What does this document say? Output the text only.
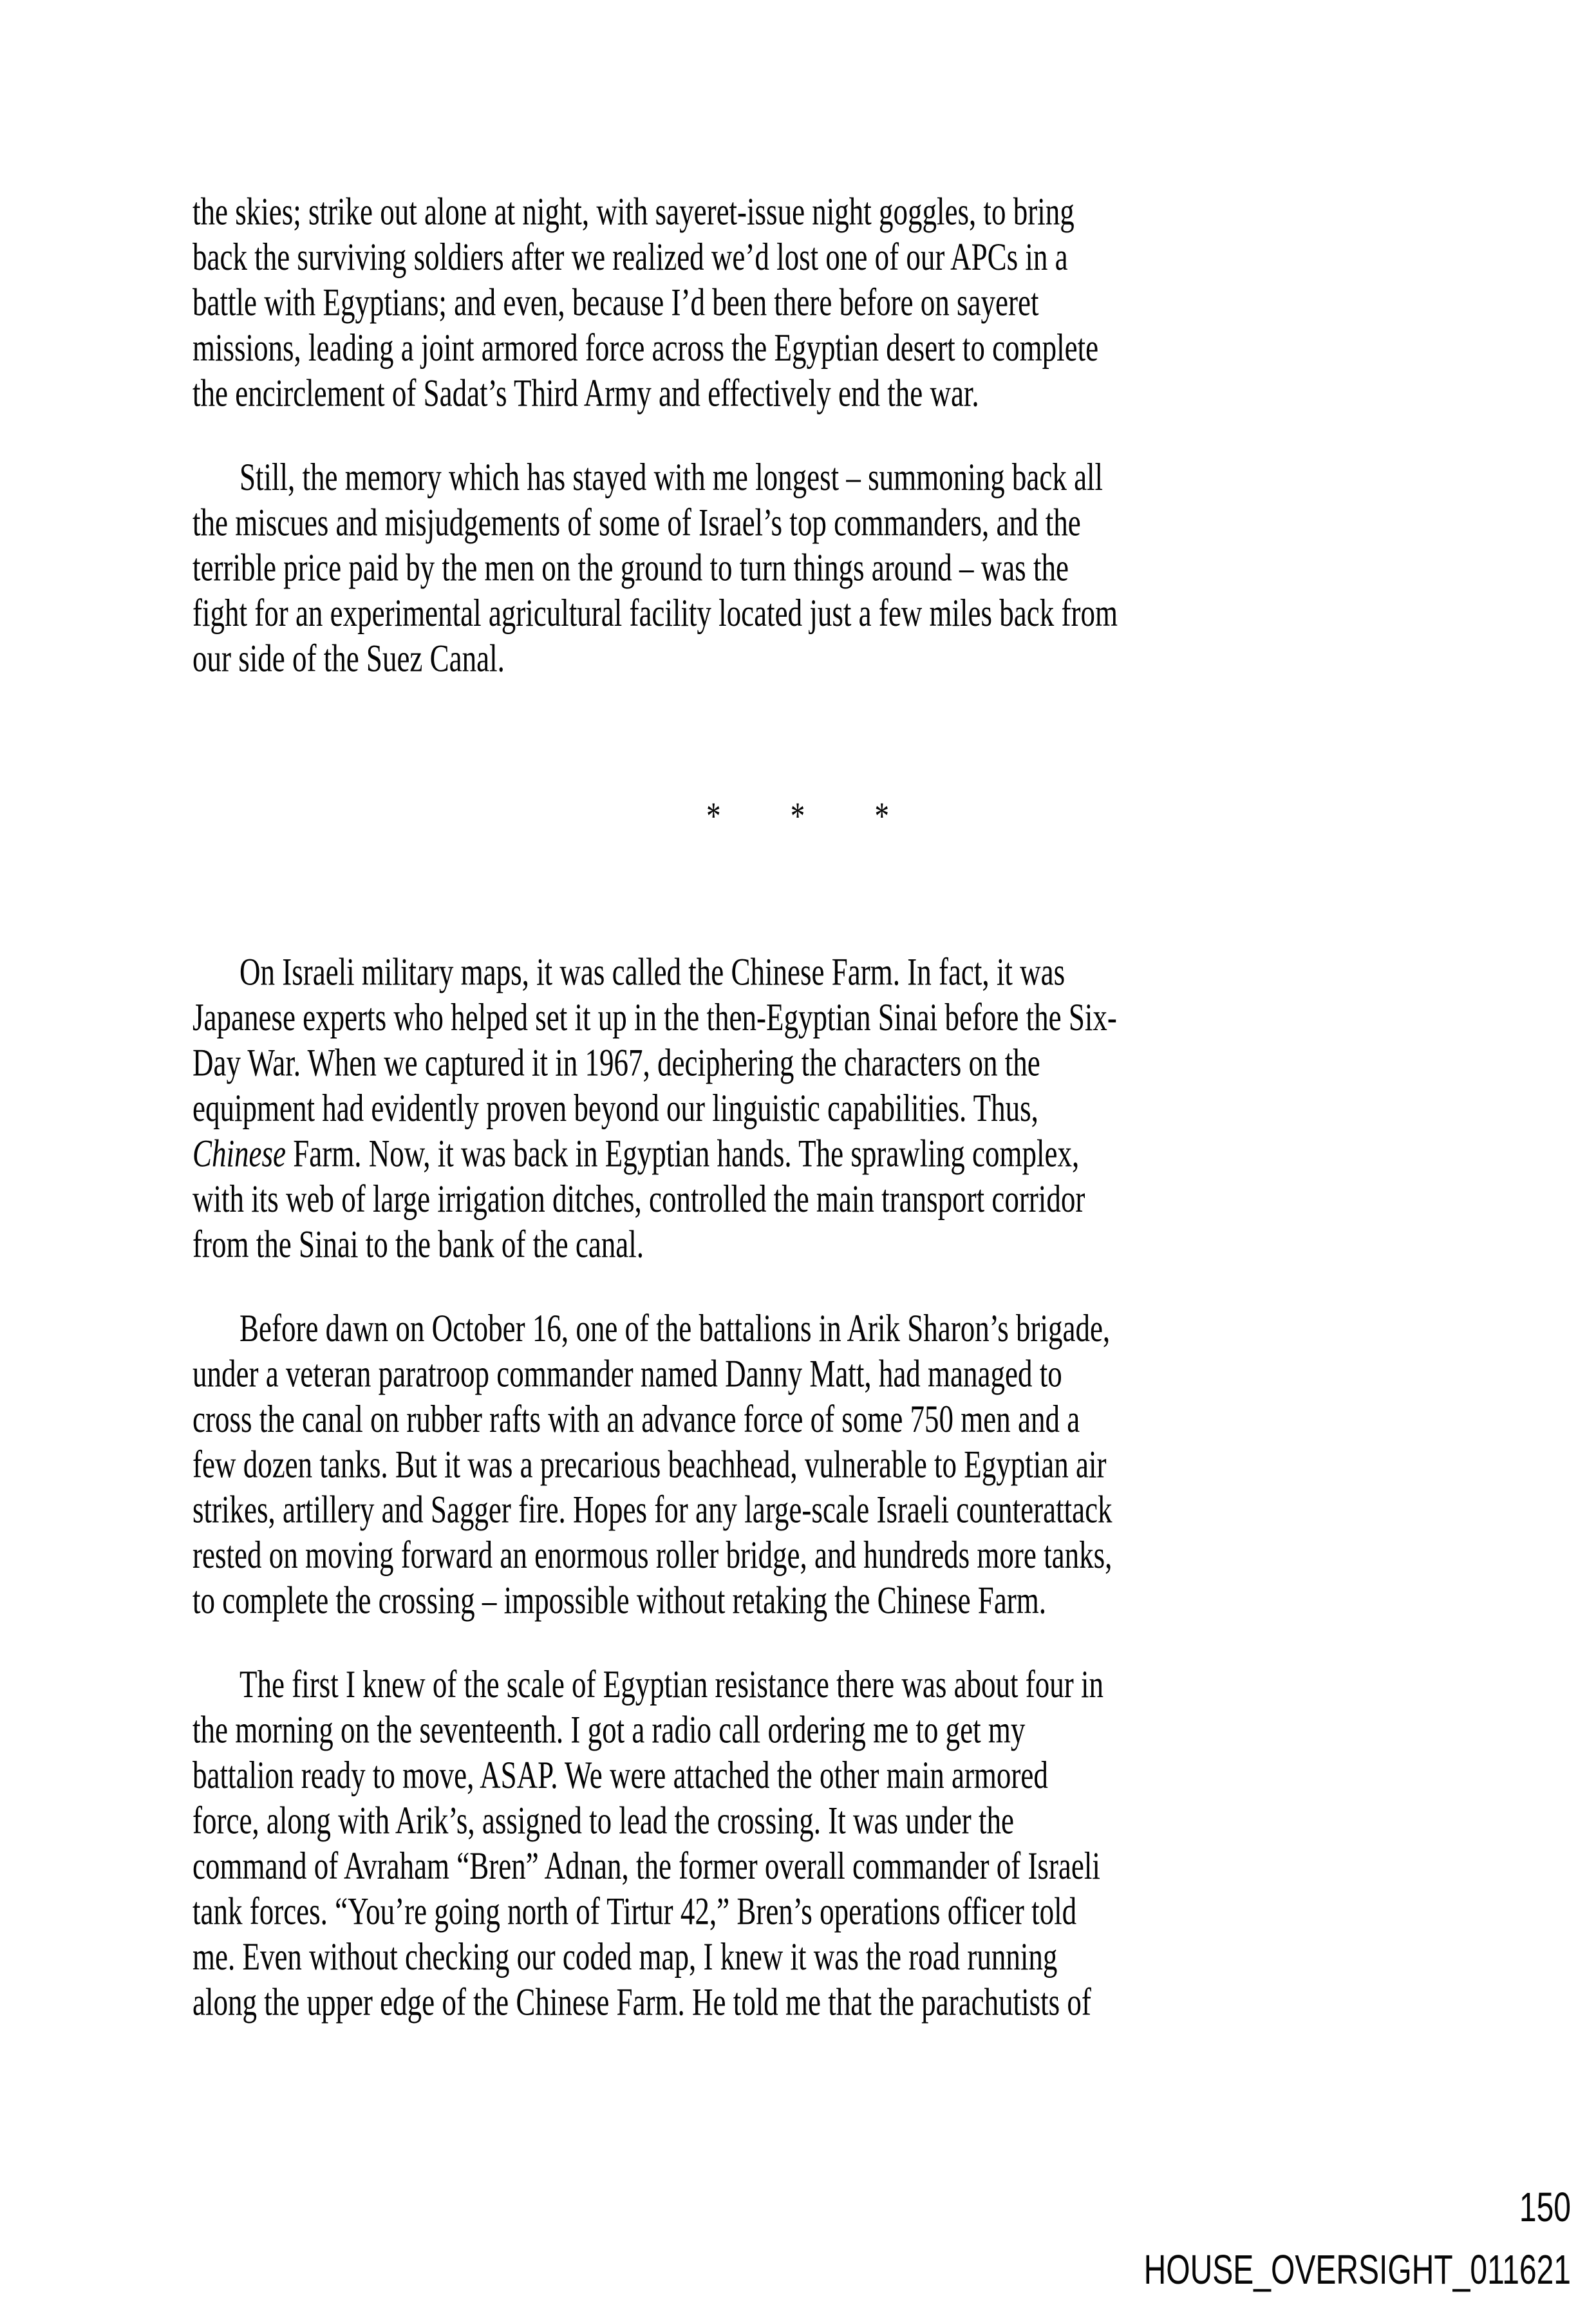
the skies; strike out alone at night, with sayeret-issue night goggles, to bring
back the surviving soldiers after we realized we’d lost one of our APCs in a
battle with Egyptians; and even, because I’d been there before on sayeret
missions, leading a joint armored force across the Egyptian desert to complete
the encirclement of Sadat’s Third Army and effectively end the war.
Still, the memory which has stayed with me longest – summoning back all
the miscues and misjudgements of some of Israel’s top commanders, and the
terrible price paid by the men on the ground to turn things around – was the
fight for an experimental agricultural facility located just a few miles back from
our side of the Suez Canal.
* * *
On Israeli military maps, it was called the Chinese Farm. In fact, it was
Japanese experts who helped set it up in the then-Egyptian Sinai before the Six-
Day War. When we captured it in 1967, deciphering the characters on the
equipment had evidently proven beyond our linguistic capabilities. Thus,
Chinese Farm. Now, it was back in Egyptian hands. The sprawling complex,
with its web of large irrigation ditches, controlled the main transport corridor
from the Sinai to the bank of the canal.
Before dawn on October 16, one of the battalions in Arik Sharon’s brigade,
under a veteran paratroop commander named Danny Matt, had managed to
cross the canal on rubber rafts with an advance force of some 750 men and a
few dozen tanks. But it was a precarious beachhead, vulnerable to Egyptian air
strikes, artillery and Sagger fire. Hopes for any large-scale Israeli counterattack
rested on moving forward an enormous roller bridge, and hundreds more tanks,
to complete the crossing – impossible without retaking the Chinese Farm.
The first I knew of the scale of Egyptian resistance there was about four in
the morning on the seventeenth. I got a radio call ordering me to get my
battalion ready to move, ASAP. We were attached the other main armored
force, along with Arik’s, assigned to lead the crossing. It was under the
command of Avraham “Bren” Adnan, the former overall commander of Israeli
tank forces. “You’re going north of Tirtur 42,” Bren’s operations officer told
me. Even without checking our coded map, I knew it was the road running
along the upper edge of the Chinese Farm. He told me that the parachutists of
150
HOUSE_OVERSIGHT_011621
